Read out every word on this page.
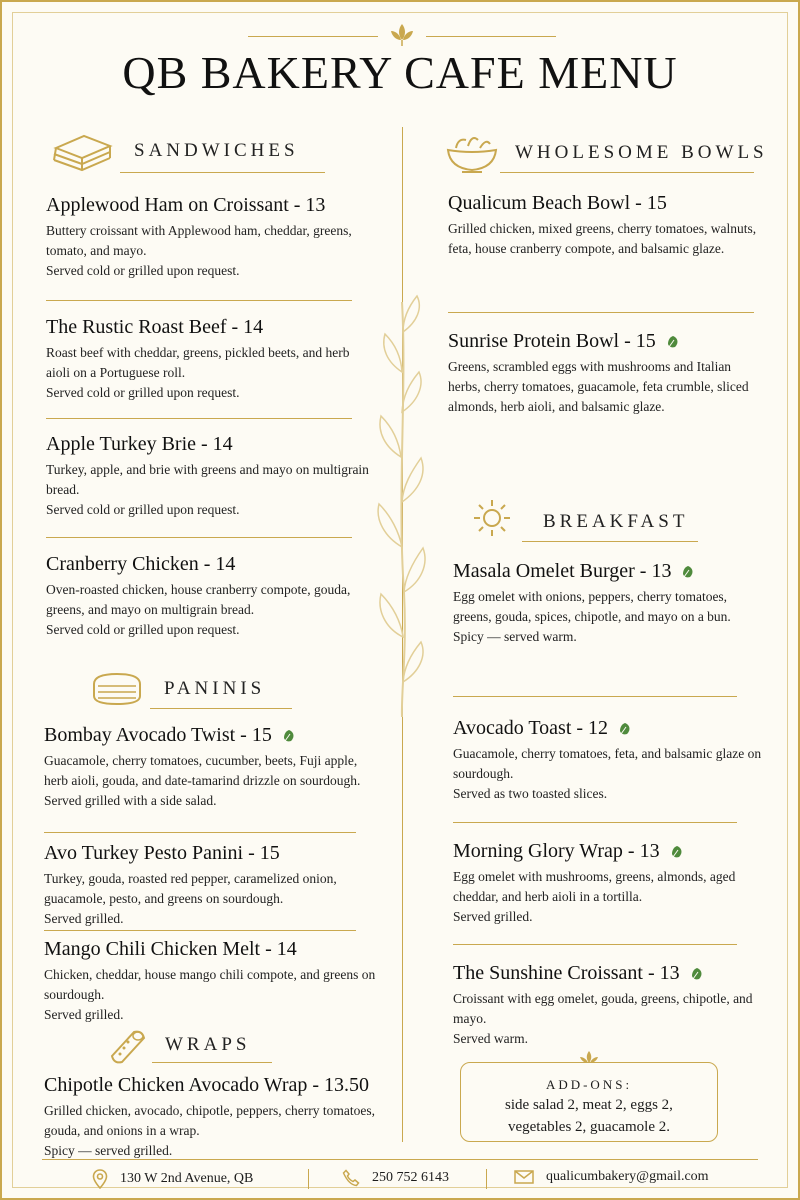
QB BAKERY CAFE MENU
SANDWICHES
Applewood Ham on Croissant - 13
Buttery croissant with Applewood ham, cheddar, greens, tomato, and mayo.
Served cold or grilled upon request.
The Rustic Roast Beef - 14
Roast beef with cheddar, greens, pickled beets, and herb aioli on a Portuguese roll.
Served cold or grilled upon request.
Apple Turkey Brie - 14
Turkey, apple, and brie with greens and mayo on multigrain bread.
Served cold or grilled upon request.
Cranberry Chicken - 14
Oven-roasted chicken, house cranberry compote, gouda, greens, and mayo on multigrain bread.
Served cold or grilled upon request.
PANINIS
Bombay Avocado Twist - 15
Guacamole, cherry tomatoes, cucumber, beets, Fuji apple, herb aioli, gouda, and date-tamarind drizzle on sourdough.
Served grilled with a side salad.
Avo Turkey Pesto Panini - 15
Turkey, gouda, roasted red pepper, caramelized onion, guacamole, pesto, and greens on sourdough.
Served grilled.
Mango Chili Chicken Melt - 14
Chicken, cheddar, house mango chili compote, and greens on sourdough.
Served grilled.
WRAPS
Chipotle Chicken Avocado Wrap - 13.50
Grilled chicken, avocado, chipotle, peppers, cherry tomatoes, gouda, and onions in a wrap.
Spicy — served grilled.
WHOLESOME BOWLS
Qualicum Beach Bowl - 15
Grilled chicken, mixed greens, cherry tomatoes, walnuts, feta, house cranberry compote, and balsamic glaze.
Sunrise Protein Bowl - 15
Greens, scrambled eggs with mushrooms and Italian herbs, cherry tomatoes, guacamole, feta crumble, sliced almonds, herb aioli, and balsamic glaze.
BREAKFAST
Masala Omelet Burger - 13
Egg omelet with onions, peppers, cherry tomatoes, greens, gouda, spices, chipotle, and mayo on a bun.
Spicy — served warm.
Avocado Toast - 12
Guacamole, cherry tomatoes, feta, and balsamic glaze on sourdough.
Served as two toasted slices.
Morning Glory Wrap - 13
Egg omelet with mushrooms, greens, almonds, aged cheddar, and herb aioli in a tortilla.
Served grilled.
The Sunshine Croissant - 13
Croissant with egg omelet, gouda, greens, chipotle, and mayo.
Served warm.
ADD-ONS:
side salad 2, meat 2, eggs 2,
vegetables 2, guacamole 2.
130 W 2nd Avenue, QB	250 752 6143	qualicumbakery@gmail.com
